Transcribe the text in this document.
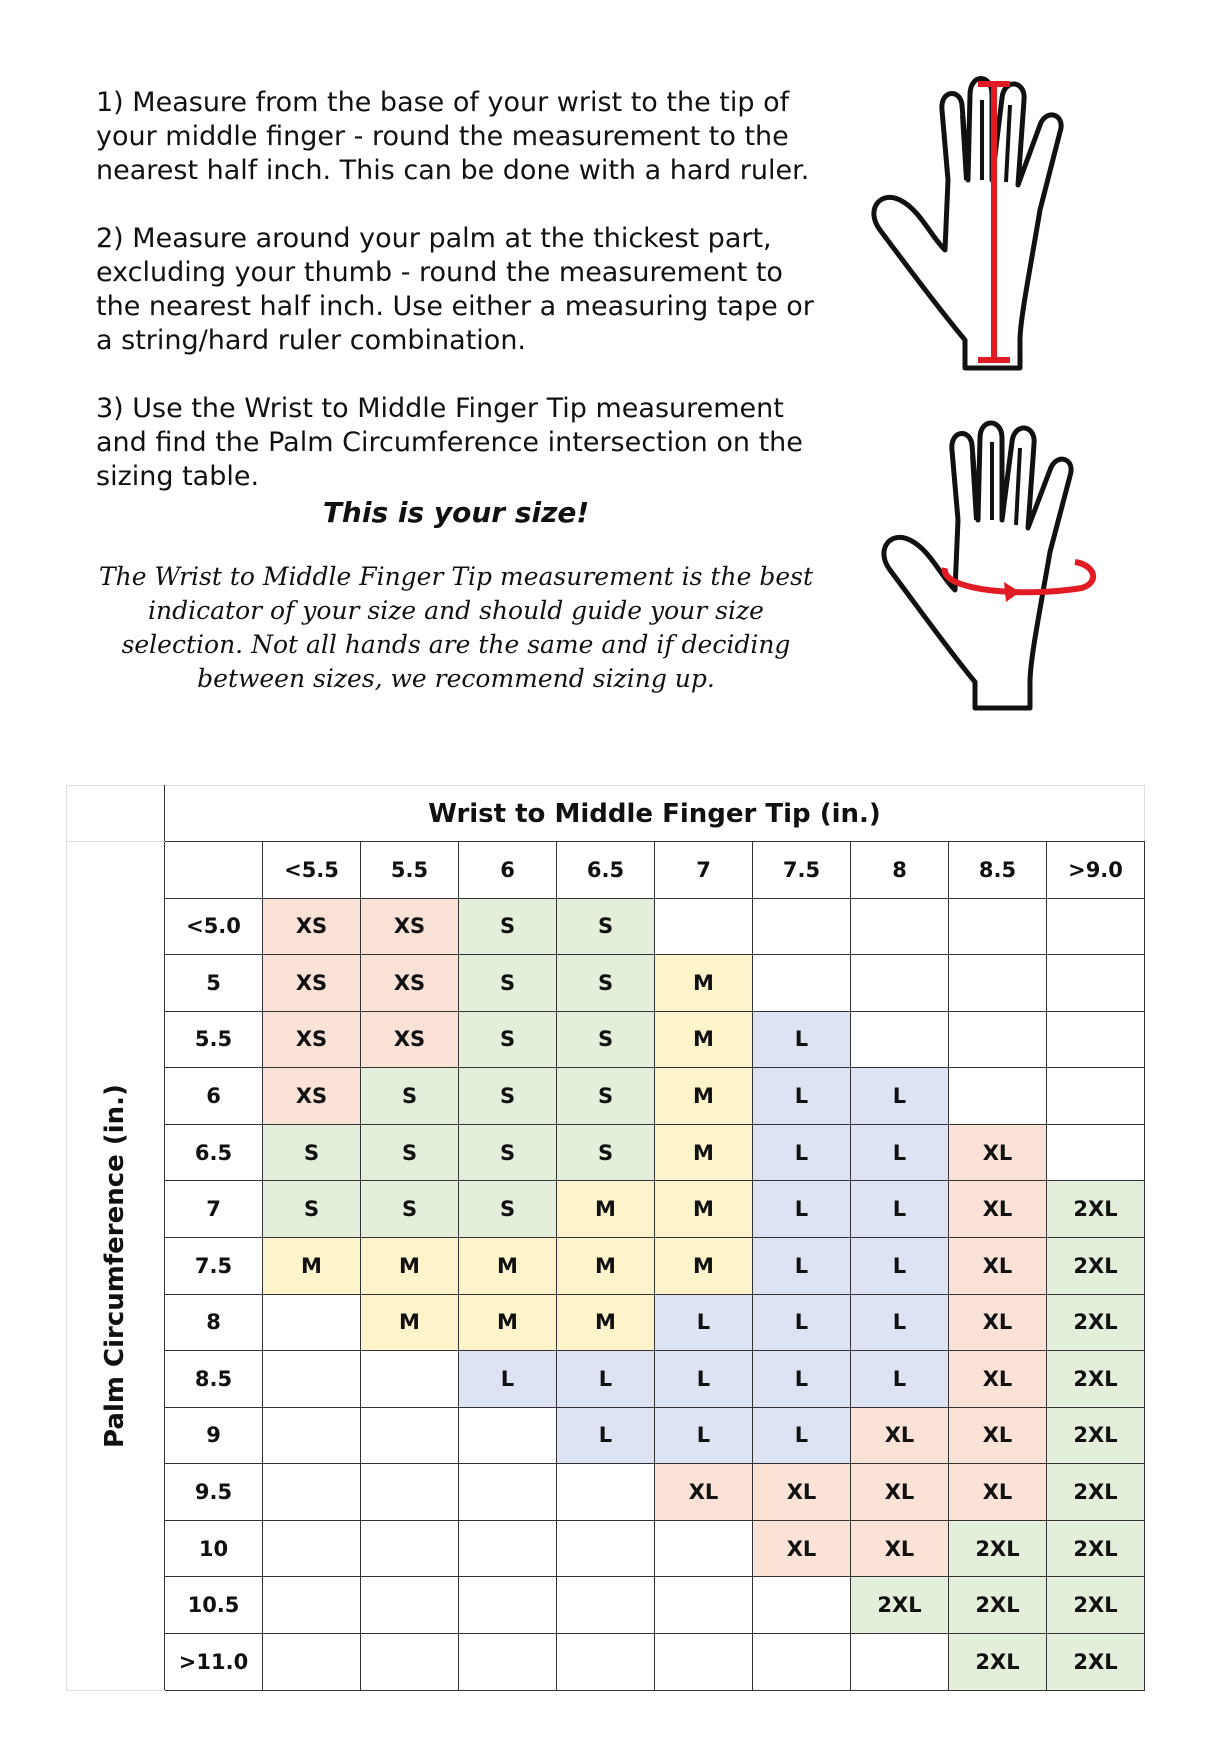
1) Measure from the base of your wrist to the tip of your middle finger - round the measurement to the nearest half inch. This can be done with a hard ruler.

2) Measure around your palm at the thickest part, excluding your thumb - round the measurement to the nearest half inch. Use either a measuring tape or a string/hard ruler combination.

3) Use the Wrist to Middle Finger Tip measurement and find the Palm Circumference intersection on the sizing table.

This is your size!

The Wrist to Middle Finger Tip measurement is the best indicator of your size and should guide your size selection. Not all hands are the same and if deciding between sizes, we recommend sizing up.

	Wrist to Middle Finger Tip (in.)									

Palm Circumference (in.)		<5.5	5.5	6	6.5	7	7.5	8	8.5	>9.0
	<5.0	XS	XS	S	S					
	5	XS	XS	S	S	M				
	5.5	XS	XS	S	S	M	L			
	6	XS	S	S	S	M	L	L		
	6.5	S	S	S	S	M	L	L	XL	
	7	S	S	S	M	M	L	L	XL	2XL
	7.5	M	M	M	M	M	L	L	XL	2XL
	8		M	M	M	L	L	L	XL	2XL
	8.5			L	L	L	L	L	XL	2XL
	9				L	L	L	XL	XL	2XL
	9.5					XL	XL	XL	XL	2XL
	10						XL	XL	2XL	2XL
	10.5							2XL	2XL	2XL
	>11.0								2XL	2XL
